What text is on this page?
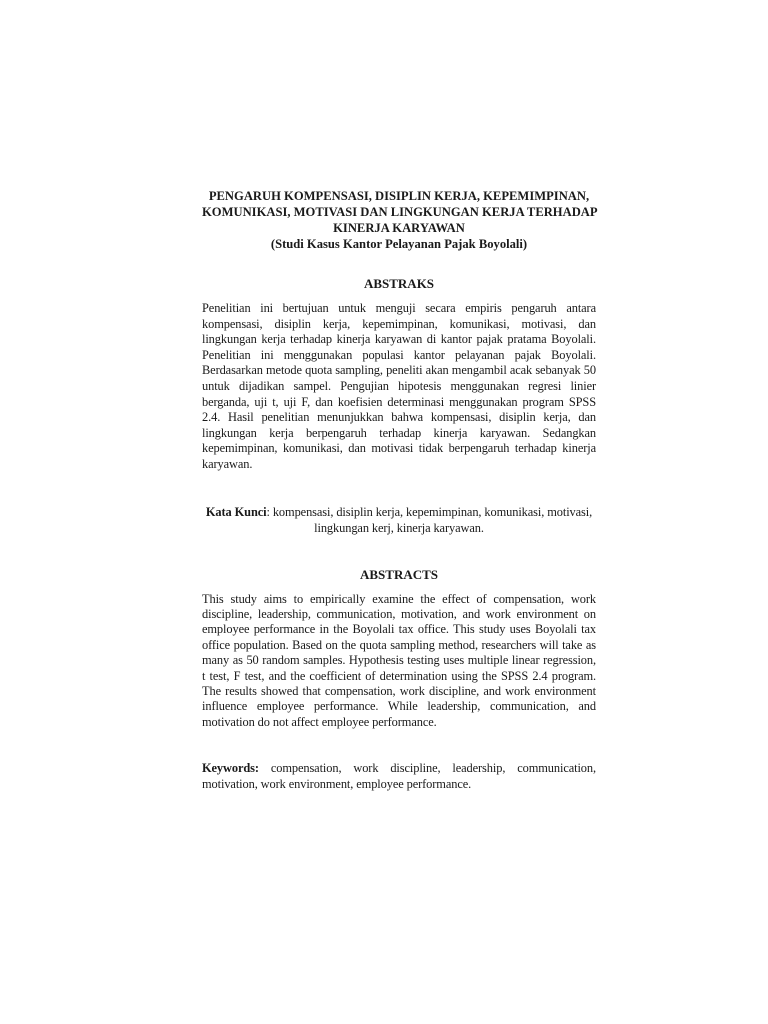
PENGARUH KOMPENSASI, DISIPLIN KERJA, KEPEMIMPINAN,
KOMUNIKASI, MOTIVASI DAN LINGKUNGAN KERJA TERHADAP
KINERJA KARYAWAN
(Studi Kasus Kantor Pelayanan Pajak Boyolali)
ABSTRAKS

Penelitian ini bertujuan untuk menguji secara empiris pengaruh antara kompensasi, disiplin kerja, kepemimpinan, komunikasi, motivasi, dan lingkungan kerja terhadap kinerja karyawan di kantor pajak pratama Boyolali. Penelitian ini menggunakan populasi kantor pelayanan pajak Boyolali. Berdasarkan metode quota sampling, peneliti akan mengambil acak sebanyak 50 untuk dijadikan sampel. Pengujian hipotesis menggunakan regresi linier berganda, uji t, uji F, dan koefisien determinasi menggunakan program SPSS 2.4. Hasil penelitian menunjukkan bahwa kompensasi, disiplin kerja, dan lingkungan kerja berpengaruh terhadap kinerja karyawan. Sedangkan kepemimpinan, komunikasi, dan motivasi tidak berpengaruh terhadap kinerja karyawan.

Kata Kunci: kompensasi, disiplin kerja, kepemimpinan, komunikasi, motivasi, lingkungan kerj, kinerja karyawan.

ABSTRACTS

This study aims to empirically examine the effect of compensation, work discipline, leadership, communication, motivation, and work environment on employee performance in the Boyolali tax office. This study uses Boyolali tax office population. Based on the quota sampling method, researchers will take as many as 50 random samples. Hypothesis testing uses multiple linear regression, t test, F test, and the coefficient of determination using the SPSS 2.4 program. The results showed that compensation, work discipline, and work environment influence employee performance. While leadership, communication, and motivation do not affect employee performance.

Keywords: compensation, work discipline, leadership, communication, motivation, work environment, employee performance.
